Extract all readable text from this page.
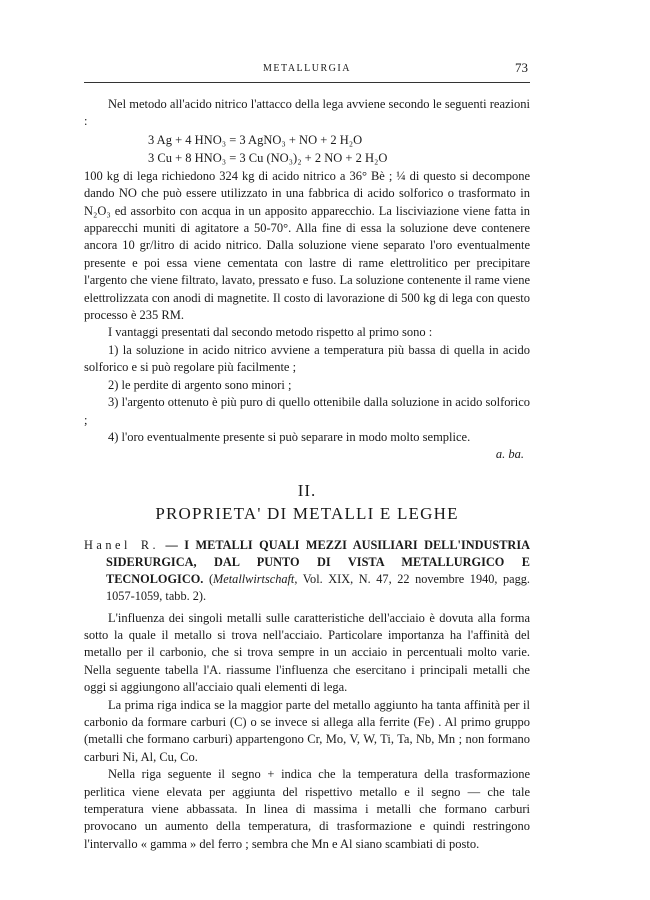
METALLURGIA	73

Nel metodo all'acido nitrico l'attacco della lega avviene secondo le seguenti reazioni :

3 Ag + 4 HNO₃ = 3 AgNO₃ + NO + 2 H₂O
3 Cu + 8 HNO₃ = 3 Cu (NO₃)₂ + 2 NO + 2 H₂O

100 kg di lega richiedono 324 kg di acido nitrico a 36° Bè ; ¼ di questo si decompone dando NO che può essere utilizzato in una fabbrica di acido solforico o trasformato in N₂O₃ ed assorbito con acqua in un apposito apparecchio. La lisciviazione viene fatta in apparecchi muniti di agitatore a 50-70°. Alla fine di essa la soluzione deve contenere ancora 10 gr/litro di acido nitrico. Dalla soluzione viene separato l'oro eventualmente presente e poi essa viene cementata con lastre di rame elettrolitico per precipitare l'argento che viene filtrato, lavato, pressato e fuso. La soluzione contenente il rame viene elettrolizzata con anodi di magnetite. Il costo di lavorazione di 500 kg di lega con questo processo è 235 RM.

I vantaggi presentati dal secondo metodo rispetto al primo sono :

1) la soluzione in acido nitrico avviene a temperatura più bassa di quella in acido solforico e si può regolare più facilmente ;

2) le perdite di argento sono minori ;

3) l'argento ottenuto è più puro di quello ottenibile dalla soluzione in acido solforico ;

4) l'oro eventualmente presente si può separare in modo molto semplice.

a. ba.

II.
PROPRIETA' DI METALLI E LEGHE

Hanel R. — I METALLI QUALI MEZZI AUSILIARI DELL'INDUSTRIA SIDERURGICA, DAL PUNTO DI VISTA METALLURGICO E TECNOLOGICO. (Metallwirtschaft, Vol. XIX, N. 47, 22 novembre 1940, pagg. 1057-1059, tabb. 2).

L'influenza dei singoli metalli sulle caratteristiche dell'acciaio è dovuta alla forma sotto la quale il metallo si trova nell'acciaio. Particolare importanza ha l'affinità del metallo per il carbonio, che si trova sempre in un acciaio in percentuali molto varie. Nella seguente tabella l'A. riassume l'influenza che esercitano i principali metalli che oggi si aggiungono all'acciaio quali elementi di lega.

La prima riga indica se la maggior parte del metallo aggiunto ha tanta affinità per il carbonio da formare carburi (C) o se invece si allega alla ferrite (Fe) . Al primo gruppo (metalli che formano carburi) appartengono Cr, Mo, V, W, Ti, Ta, Nb, Mn ; non formano carburi Ni, Al, Cu, Co.

Nella riga seguente il segno + indica che la temperatura della trasformazione perlitica viene elevata per aggiunta del rispettivo metallo e il segno — che tale temperatura viene abbassata. In linea di massima i metalli che formano carburi provocano un aumento della temperatura, di trasformazione e quindi restringono l'intervallo « gamma » del ferro ; sembra che Mn e Al siano scambiati di posto.
